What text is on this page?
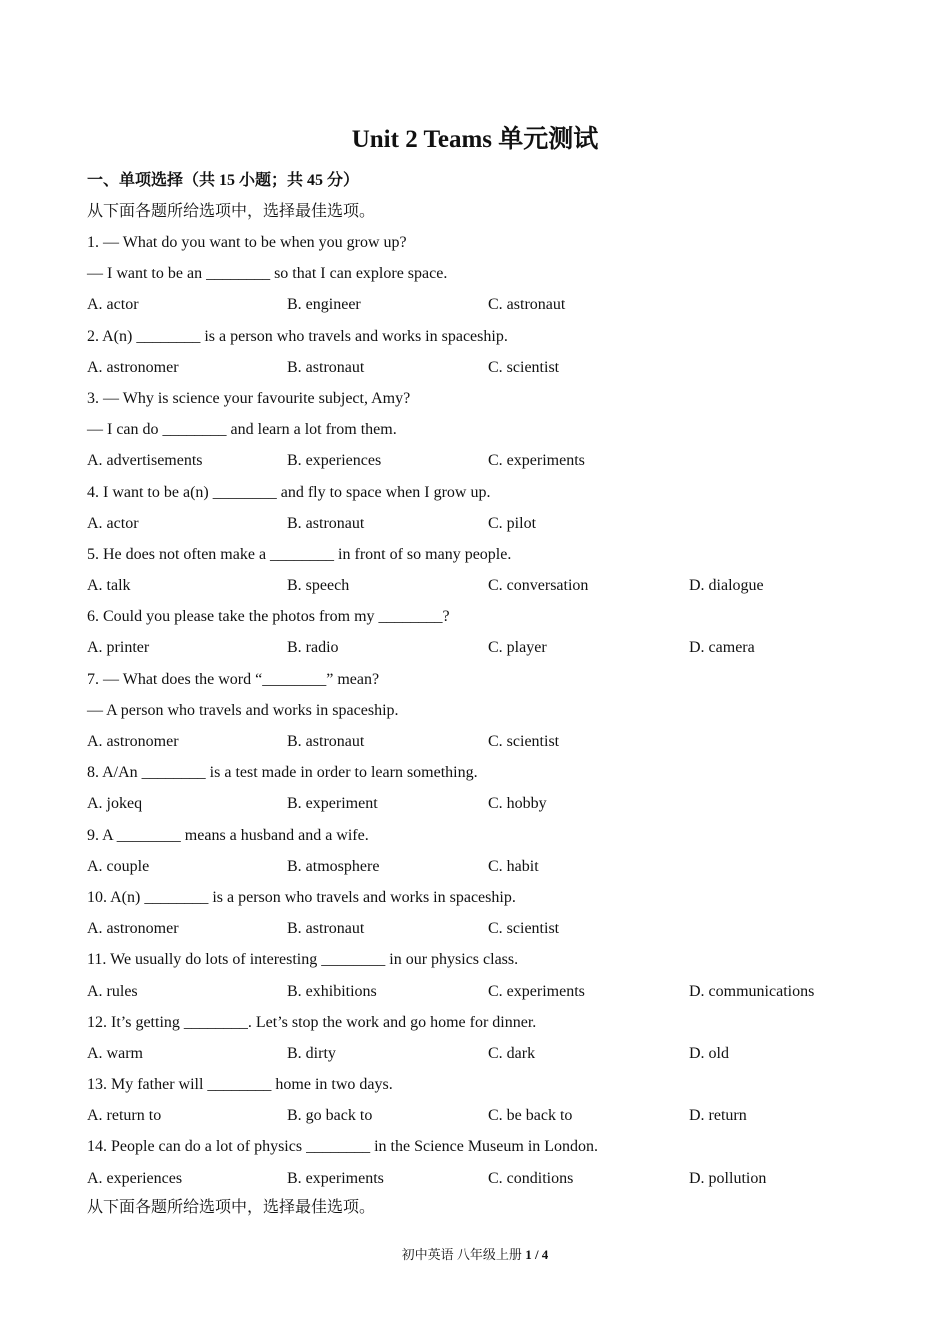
Unit 2 Teams 单元测试
一、单项选择（共 15 小题；共 45 分）
从下面各题所给选项中，选择最佳选项。
1. — What do you want to be when you grow up?
— I want to be an ________ so that I can explore space.
A. actor	B. engineer	C. astronaut
2. A(n) ________ is a person who travels and works in spaceship.
A. astronomer	B. astronaut	C. scientist
3. — Why is science your favourite subject, Amy?
— I can do ________ and learn a lot from them.
A. advertisements	B. experiences	C. experiments
4. I want to be a(n) ________ and fly to space when I grow up.
A. actor	B. astronaut	C. pilot
5. He does not often make a ________ in front of so many people.
A. talk	B. speech	C. conversation	D. dialogue
6. Could you please take the photos from my ________?
A. printer	B. radio	C. player	D. camera
7. — What does the word “________” mean?
— A person who travels and works in spaceship.
A. astronomer	B. astronaut	C. scientist
8. A/An ________ is a test made in order to learn something.
A. jokeq	B. experiment	C. hobby
9. A ________ means a husband and a wife.
A. couple	B. atmosphere	C. habit
10. A(n) ________ is a person who travels and works in spaceship.
A. astronomer	B. astronaut	C. scientist
11. We usually do lots of interesting ________ in our physics class.
A. rules	B. exhibitions	C. experiments	D. communications
12. It’s getting ________. Let’s stop the work and go home for dinner.
A. warm	B. dirty	C. dark	D. old
13. My father will ________ home in two days.
A. return to	B. go back to	C. be back to	D. return
14. People can do a lot of physics ________ in the Science Museum in London.
A. experiences	B. experiments	C. conditions	D. pollution
从下面各题所给选项中，选择最佳选项。
初中英语 八年级上册 1 / 4
